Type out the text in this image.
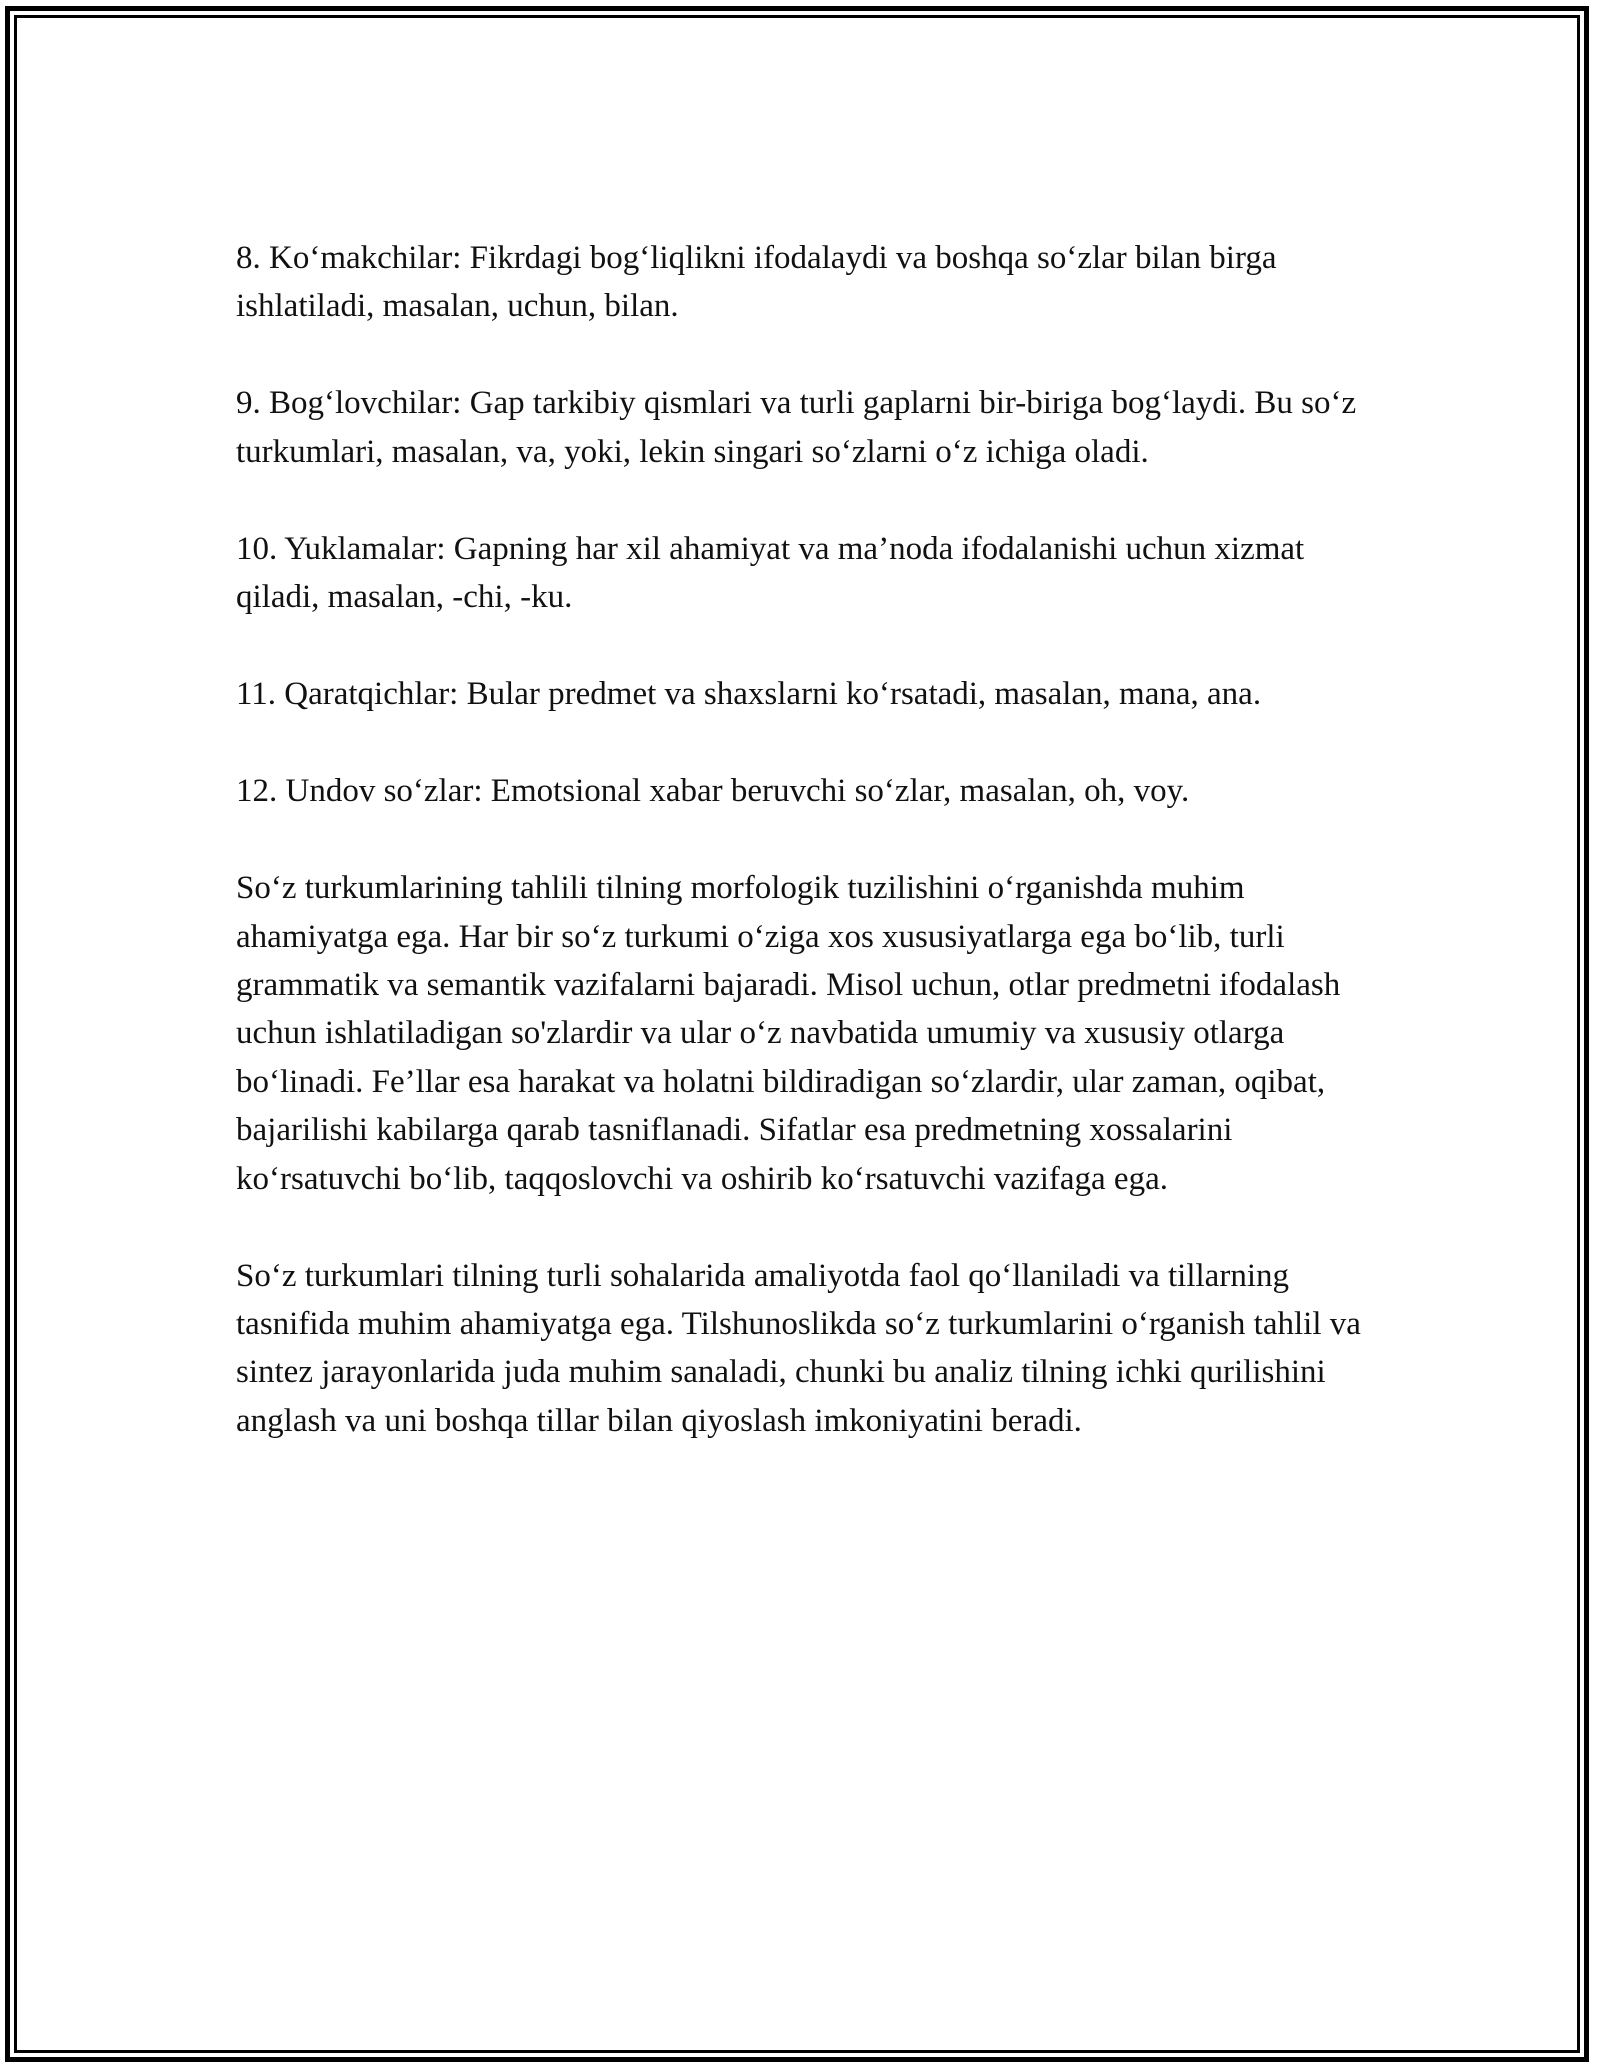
8. Ko‘makchilar: Fikrdagi bog‘liqlikni ifodalaydi va boshqa so‘zlar bilan birga ishlatiladi, masalan, uchun, bilan.

9. Bog‘lovchilar: Gap tarkibiy qismlari va turli gaplarni bir-biriga bog‘laydi. Bu so‘z turkumlari, masalan, va, yoki, lekin singari so‘zlarni o‘z ichiga oladi.

10. Yuklamalar: Gapning har xil ahamiyat va ma’noda ifodalanishi uchun xizmat qiladi, masalan, -chi, -ku.

11. Qaratqichlar: Bular predmet va shaxslarni ko‘rsatadi, masalan, mana, ana.

12. Undov so‘zlar: Emotsional xabar beruvchi so‘zlar, masalan, oh, voy.

So‘z turkumlarining tahlili tilning morfologik tuzilishini o‘rganishda muhim ahamiyatga ega. Har bir so‘z turkumi o‘ziga xos xususiyatlarga ega bo‘lib, turli grammatik va semantik vazifalarni bajaradi. Misol uchun, otlar predmetni ifodalash uchun ishlatiladigan so'zlardir va ular o‘z navbatida umumiy va xususiy otlarga bo‘linadi. Fe’llar esa harakat va holatni bildiradigan so‘zlardir, ular zaman, oqibat, bajarilishi kabilarga qarab tasniflanadi. Sifatlar esa predmetning xossalarini ko‘rsatuvchi bo‘lib, taqqoslovchi va oshirib ko‘rsatuvchi vazifaga ega.

So‘z turkumlari tilning turli sohalarida amaliyotda faol qo‘llaniladi va tillarning tasnifida muhim ahamiyatga ega. Tilshunoslikda so‘z turkumlarini o‘rganish tahlil va sintez jarayonlarida juda muhim sanaladi, chunki bu analiz tilning ichki qurilishini anglash va uni boshqa tillar bilan qiyoslash imkoniyatini beradi.
